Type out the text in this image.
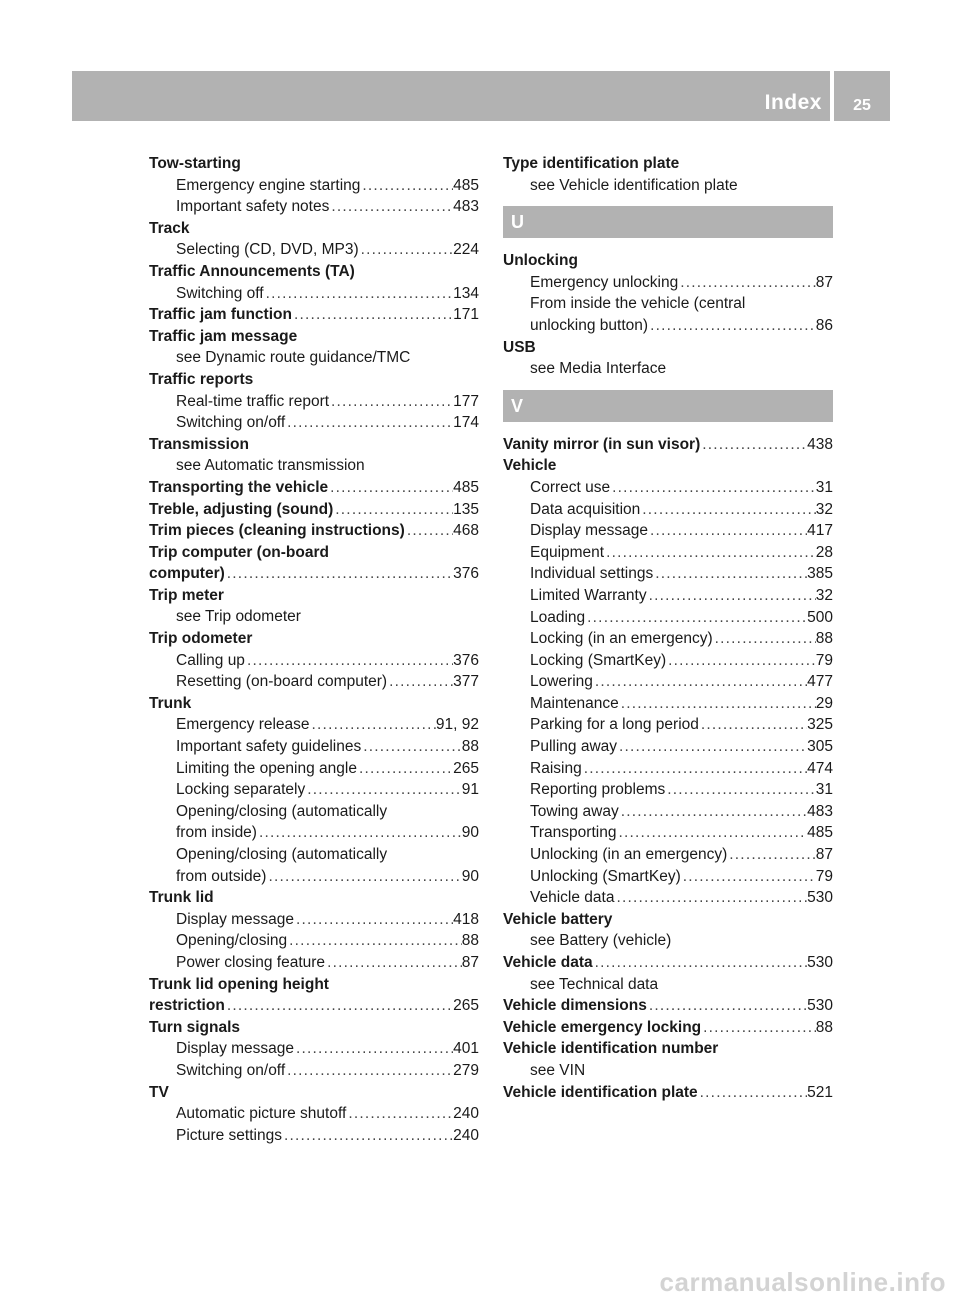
Index	25
Tow-starting
Emergency engine starting .....	485
Important safety notes .....	483
Track
Selecting (CD, DVD, MP3) .....	224
Traffic Announcements (TA)
Switching off .....	134
Traffic jam function .....	171
Traffic jam message
see Dynamic route guidance/TMC
Traffic reports
Real-time traffic report .....	177
Switching on/off .....	174
Transmission
see Automatic transmission
Transporting the vehicle .....	485
Treble, adjusting (sound) .....	135
Trim pieces (cleaning instructions) .....	468
Trip computer (on-board
computer) .....	376
Trip meter
see Trip odometer
Trip odometer
Calling up .....	376
Resetting (on-board computer) .....	377
Trunk
Emergency release .....	91, 92
Important safety guidelines .....	88
Limiting the opening angle .....	265
Locking separately .....	91
Opening/closing (automatically
from inside) .....	90
Opening/closing (automatically
from outside) .....	90
Trunk lid
Display message .....	418
Opening/closing .....	88
Power closing feature .....	87
Trunk lid opening height
restriction .....	265
Turn signals
Display message .....	401
Switching on/off .....	279
TV
Automatic picture shutoff .....	240
Picture settings .....	240
Type identification plate
see Vehicle identification plate
U
Unlocking
Emergency unlocking .....	87
From inside the vehicle (central
unlocking button) .....	86
USB
see Media Interface
V
Vanity mirror (in sun visor) .....	438
Vehicle
Correct use .....	31
Data acquisition .....	32
Display message .....	417
Equipment .....	28
Individual settings .....	385
Limited Warranty .....	32
Loading .....	500
Locking (in an emergency) .....	88
Locking (SmartKey) .....	79
Lowering .....	477
Maintenance .....	29
Parking for a long period .....	325
Pulling away .....	305
Raising .....	474
Reporting problems .....	31
Towing away .....	483
Transporting .....	485
Unlocking (in an emergency) .....	87
Unlocking (SmartKey) .....	79
Vehicle data .....	530
Vehicle battery
see Battery (vehicle)
Vehicle data .....	530
see Technical data
Vehicle dimensions .....	530
Vehicle emergency locking .....	88
Vehicle identification number
see VIN
Vehicle identification plate .....	521
carmanualsonline.info
